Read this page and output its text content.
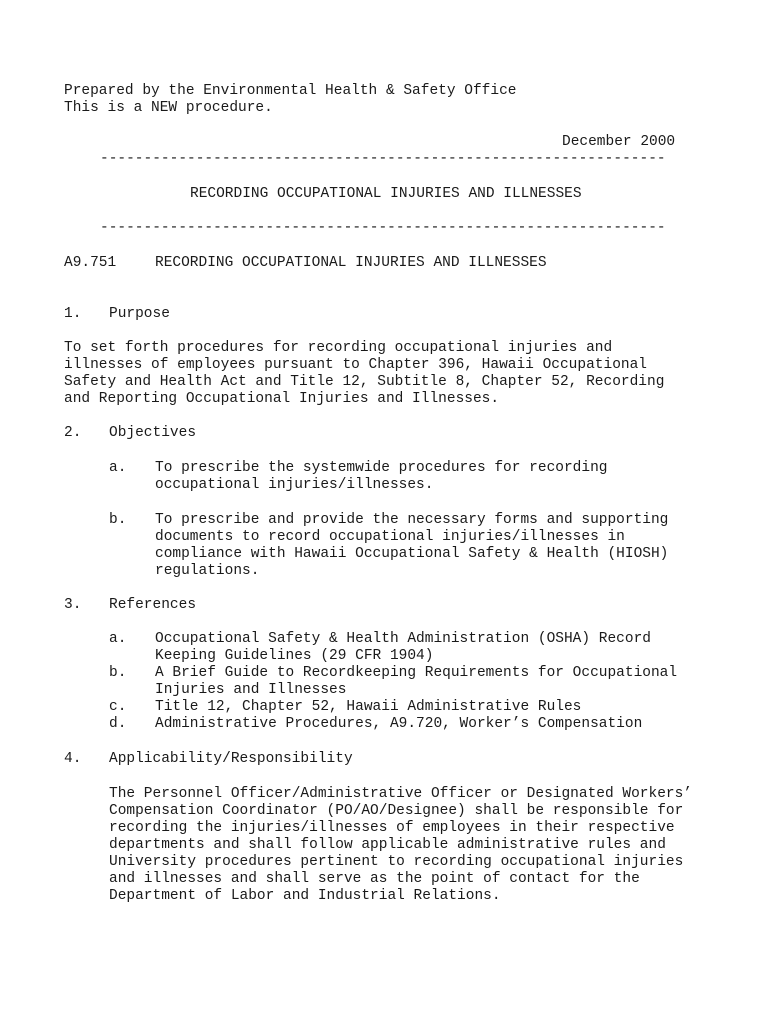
Prepared by the Environmental Health & Safety Office
This is a NEW procedure.
December 2000
-----------------------------------------------------------------
RECORDING OCCUPATIONAL INJURIES AND ILLNESSES
-----------------------------------------------------------------
A9.751	RECORDING OCCUPATIONAL INJURIES AND ILLNESSES
1. Purpose
To set forth procedures for recording occupational injuries and
illnesses of employees pursuant to Chapter 396, Hawaii Occupational
Safety and Health Act and Title 12, Subtitle 8, Chapter 52, Recording
and Reporting Occupational Injuries and Illnesses.
2. Objectives
a. To prescribe the systemwide procedures for recording
occupational injuries/illnesses.
b. To prescribe and provide the necessary forms and supporting
documents to record occupational injuries/illnesses in
compliance with Hawaii Occupational Safety & Health (HIOSH)
regulations.
3. References
a. Occupational Safety & Health Administration (OSHA) Record
Keeping Guidelines (29 CFR 1904)
b. A Brief Guide to Recordkeeping Requirements for Occupational
Injuries and Illnesses
c. Title 12, Chapter 52, Hawaii Administrative Rules
d. Administrative Procedures, A9.720, Worker’s Compensation
4. Applicability/Responsibility
The Personnel Officer/Administrative Officer or Designated Workers’
Compensation Coordinator (PO/AO/Designee) shall be responsible for
recording the injuries/illnesses of employees in their respective
departments and shall follow applicable administrative rules and
University procedures pertinent to recording occupational injuries
and illnesses and shall serve as the point of contact for the
Department of Labor and Industrial Relations.
